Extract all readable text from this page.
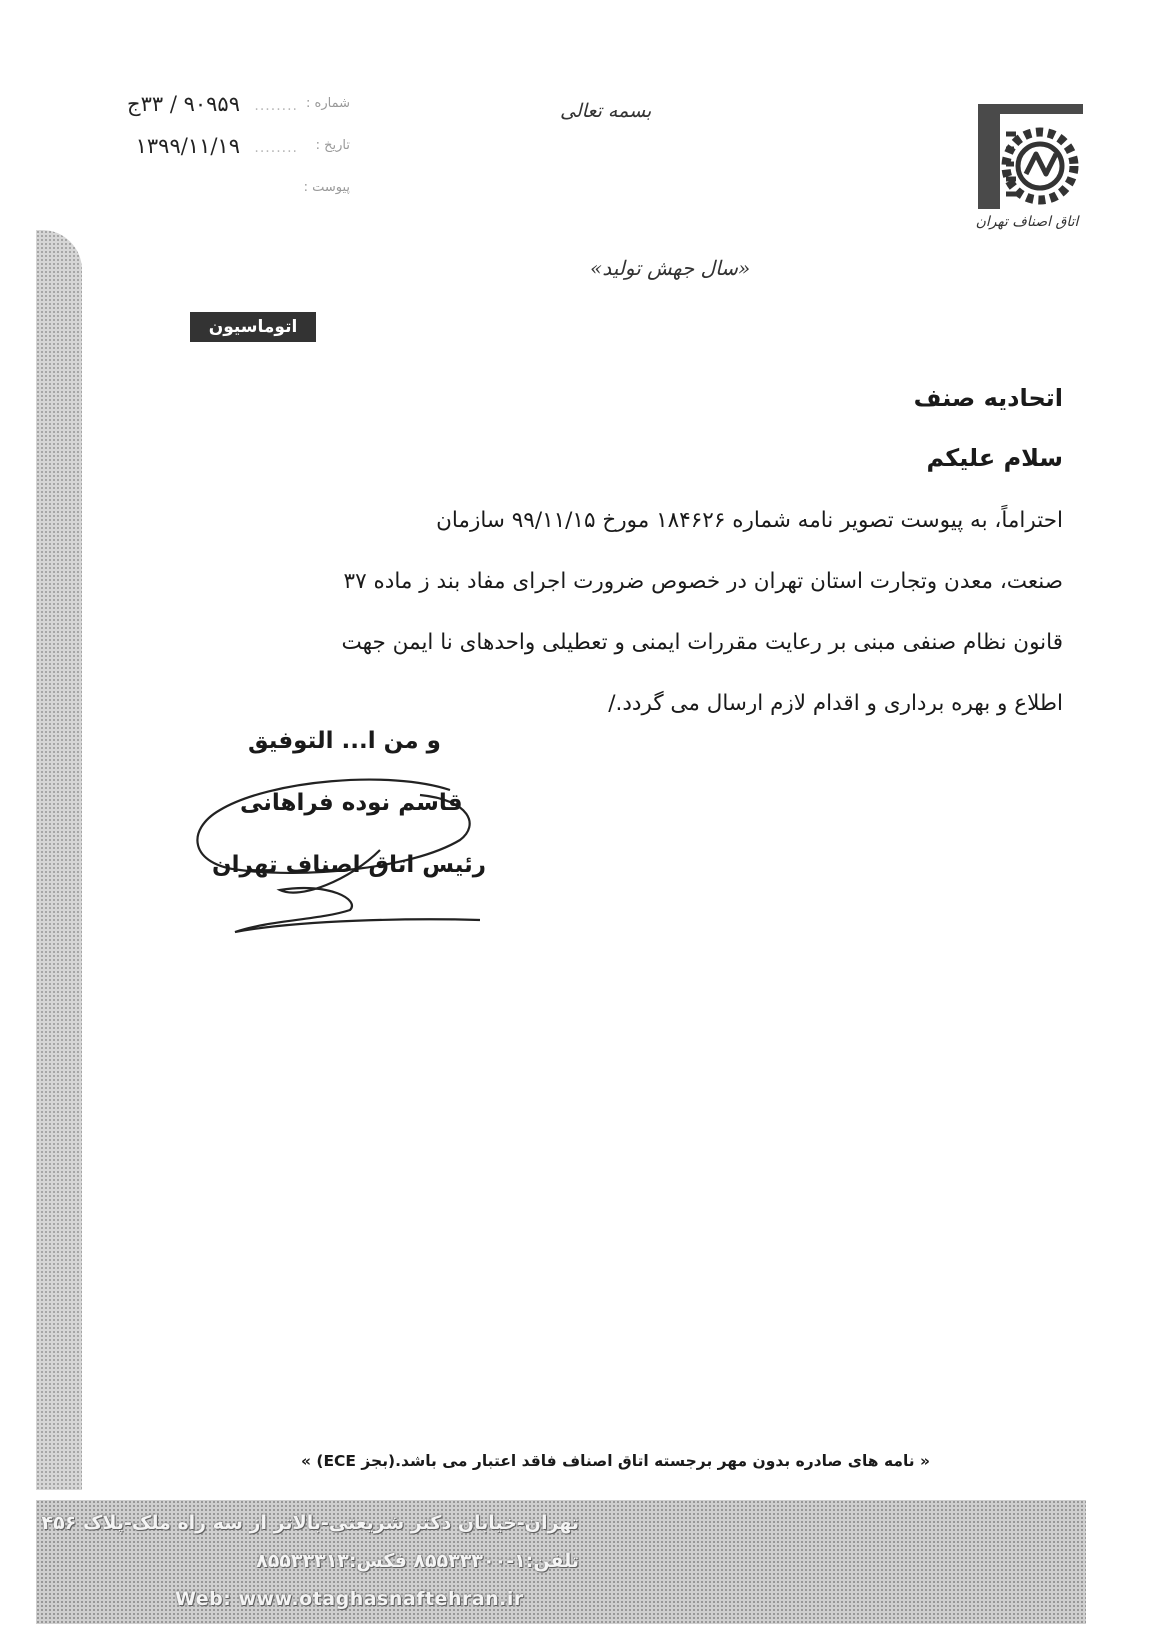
۹۰۹۵۹ / ۳۳ج ........ شماره :
۱۳۹۹/۱۱/۱۹ ........ تاریخ :
پیوست :
بسمه تعالی
اتاق اصناف تهران
«سال جهش تولید»
اتوماسیون اداری
اتحادیه صنف
سلام علیکم

احتراماً، به پیوست تصویر نامه شماره ۱۸۴۶۲۶ مورخ ۹۹/۱۱/۱۵ سازمان

صنعت، معدن وتجارت استان تهران در خصوص ضرورت اجرای مفاد بند ز ماده ۳۷

قانون نظام صنفی مبنی بر رعایت مقررات ایمنی و تعطیلی واحدهای نا ایمن جهت

اطلاع و بهره برداری و اقدام لازم ارسال می گردد./

و من ا... التوفیق
قاسم نوده فراهانی
رئیس اتاق اصناف تهران
« نامه های صادره بدون مهر برجسته اتاق اصناف فاقد اعتبار می باشد.(بجز ECE) »
تهران-خیابان دکتر شریعتی-بالاتر از سه راه ملک-پلاک ۴۵۶
تلفن:۱-۸۵۵۳۳۳۰۰ فکس:۸۵۵۳۳۳۱۳
Web: www.otaghasnaftehran.ir
